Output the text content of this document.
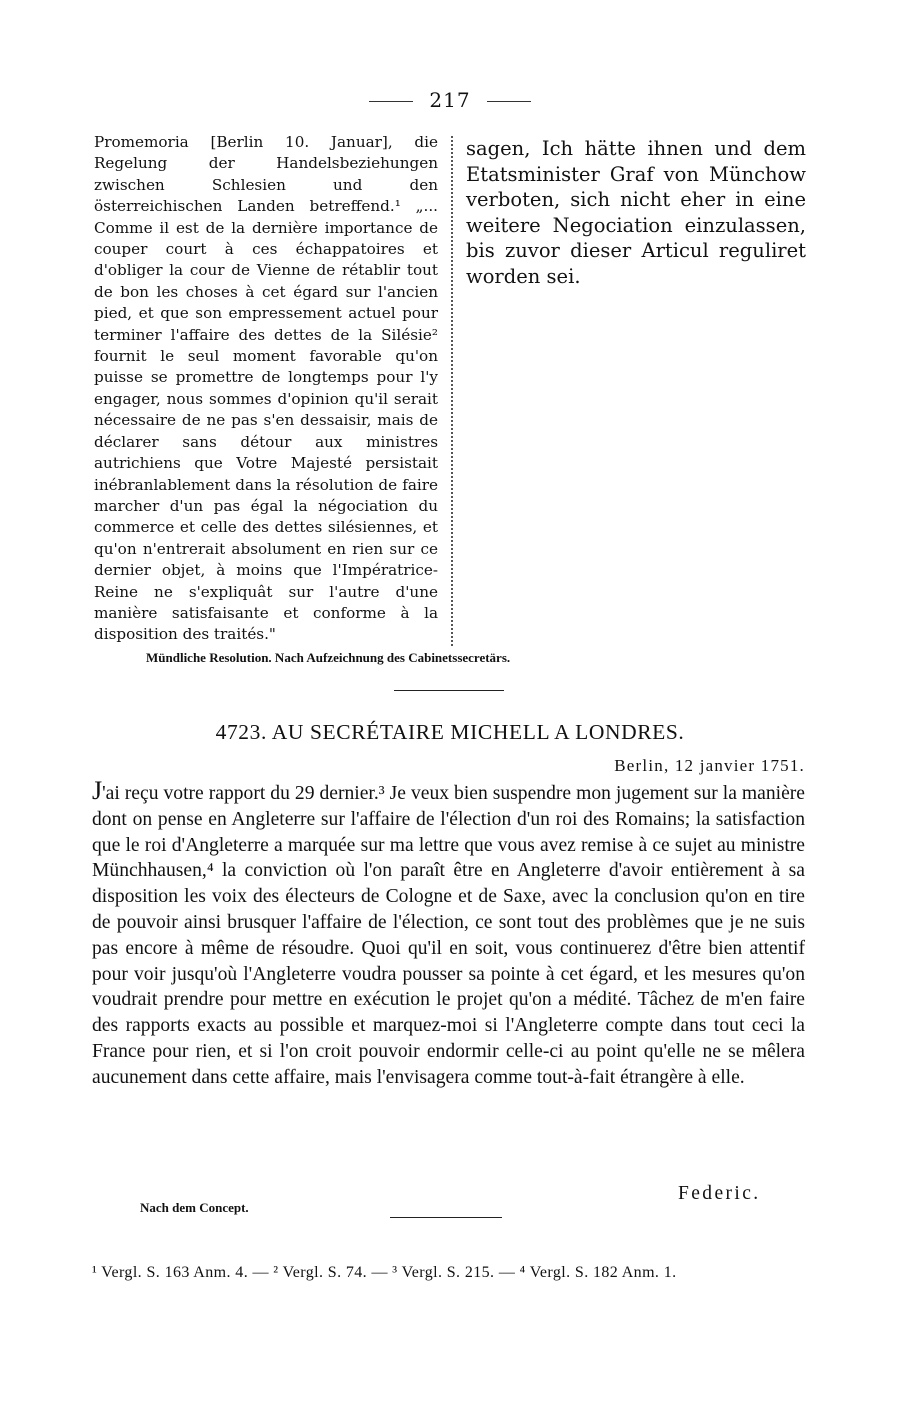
217
Promemoria [Berlin 10. Januar], die Regelung der Handelsbeziehungen zwischen Schlesien und den österreichischen Landen betreffend.¹ „... Comme il est de la dernière importance de couper court à ces échappatoires et d'obliger la cour de Vienne de rétablir tout de bon les choses à cet égard sur l'ancien pied, et que son empressement actuel pour terminer l'affaire des dettes de la Silésie² fournit le seul moment favorable qu'on puisse se promettre de longtemps pour l'y engager, nous sommes d'opinion qu'il serait nécessaire de ne pas s'en dessaisir, mais de déclarer sans détour aux ministres autrichiens que Votre Majesté persistait inébranlablement dans la résolution de faire marcher d'un pas égal la négociation du commerce et celle des dettes silésiennes, et qu'on n'entrerait absolument en rien sur ce dernier objet, à moins que l'Impératrice-Reine ne s'expliquât sur l'autre d'une manière satisfaisante et conforme à la disposition des traités."
sagen, Ich hätte ihnen und dem Etatsminister Graf von Münchow verboten, sich nicht eher in eine weitere Negociation einzulassen, bis zuvor dieser Articul reguliret worden sei.
Mündliche Resolution. Nach Aufzeichnung des Cabinetssecretärs.
4723. AU SECRÉTAIRE MICHELL A LONDRES.
Berlin, 12 janvier 1751.
J'ai reçu votre rapport du 29 dernier.³ Je veux bien suspendre mon jugement sur la manière dont on pense en Angleterre sur l'affaire de l'élection d'un roi des Romains; la satisfaction que le roi d'Angleterre a marquée sur ma lettre que vous avez remise à ce sujet au ministre Münchhausen,⁴ la conviction où l'on paraît être en Angleterre d'avoir entièrement à sa disposition les voix des électeurs de Cologne et de Saxe, avec la conclusion qu'on en tire de pouvoir ainsi brusquer l'affaire de l'élection, ce sont tout des problèmes que je ne suis pas encore à même de résoudre. Quoi qu'il en soit, vous continuerez d'être bien attentif pour voir jusqu'où l'Angleterre voudra pousser sa pointe à cet égard, et les mesures qu'on voudrait prendre pour mettre en exécution le projet qu'on a médité. Tâchez de m'en faire des rapports exacts au possible et marquez-moi si l'Angleterre compte dans tout ceci la France pour rien, et si l'on croit pouvoir endormir celle-ci au point qu'elle ne se mêlera aucunement dans cette affaire, mais l'envisagera comme tout-à-fait étrangère à elle.
Federic.
Nach dem Concept.
¹ Vergl. S. 163 Anm. 4. — ² Vergl. S. 74. — ³ Vergl. S. 215. — ⁴ Vergl. S. 182 Anm. 1.
